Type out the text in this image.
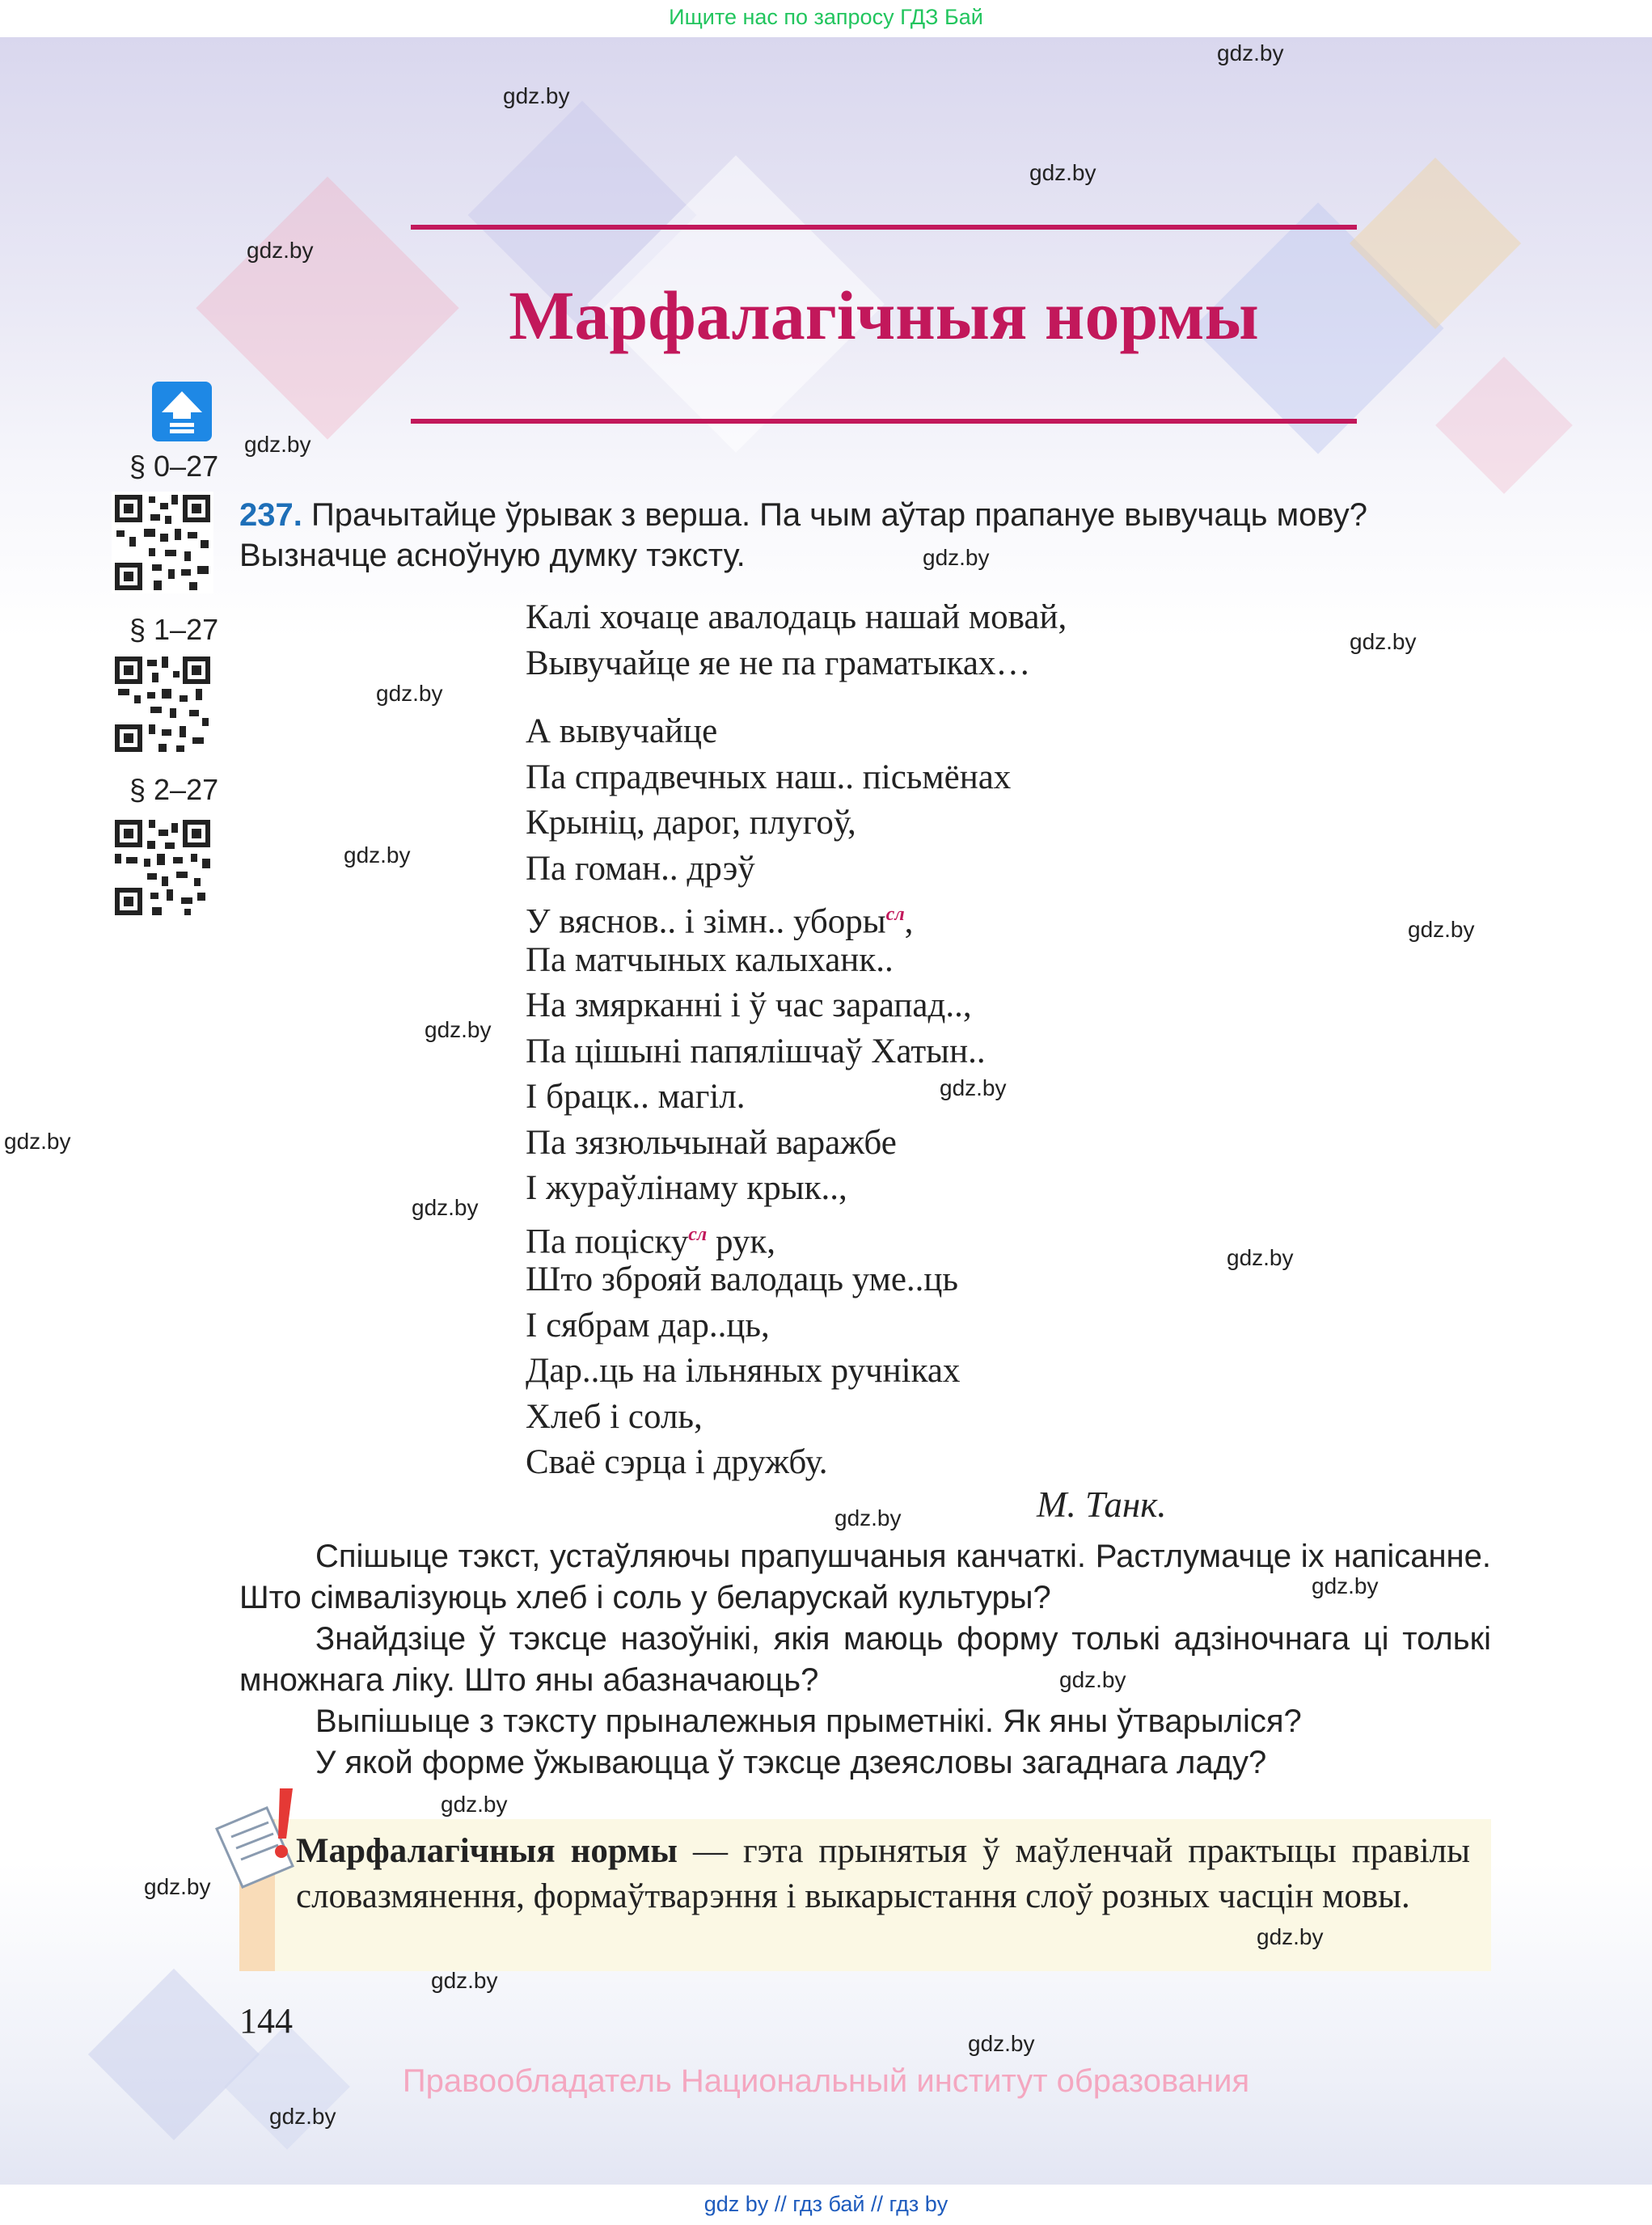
Ищите нас по запросу ГДЗ Бай
Марфалагічныя нормы
§ 0–27
§ 1–27
§ 2–27
237. Прачытайце ўрывак з верша. Па чым аўтар прапануе вывучаць мову? Вызначце асноўную думку тэксту.
Калі хочаце авалодаць нашай мовай,
Вывучайце яе не па граматыках…
А вывучайце
Па спрадвечных наш.. пісьмёнах
Крыніц, дарог, плугоў,
Па гоман.. дрэў
У вяснов.. і зімн.. уборы$^{сл}$,
Па матчыных калыханк..
На змярканні і ў час зарапад..,
Па цішыні папялішчаў Хатын..
І брацк.. магіл.
Па зязюльчынай варажбе
І жураўлінаму крык..,
Па поціску$^{сл}$ рук,
Што зброяй валодаць уме..ць
І сябрам дар..ць,
Дар..ць на ільняных ручніках
Хлеб і соль,
Сваё сэрца і дружбу.
М. Танк.

Спішыце тэкст, устаўляючы прапушчаныя канчаткі. Растлумачце іх напісанне. Што сімвалізуюць хлеб і соль у беларускай культуры?

Знайдзіце ў тэксце назоўнікі, якія маюць форму толькі адзіночнага ці толькі множнага ліку. Што яны абазначаюць?

Выпішыце з тэксту прыналежныя прыметнікі. Як яны ўтварыліся?

У якой форме ўжываюцца ў тэксце дзеясловы загаднага ладу?

Марфалагічныя нормы — гэта прынятыя ў маўленчай практыцы правілы словазмянення, формаўтварэння і выкарыстання слоў розных часцін мовы.
144
Правообладатель Национальный институт образования
gdz.by
gdz.by
gdz.by
gdz.by
gdz.by
gdz.by
gdz.by
gdz.by
gdz.by
gdz.by
gdz.by
gdz.by
gdz.by
gdz.by
gdz.by
gdz.by
gdz.by
gdz.by
gdz.by
gdz.by
gdz.by
gdz.by
gdz.by
gdz.by
gdz by // гдз бай // гдз by
